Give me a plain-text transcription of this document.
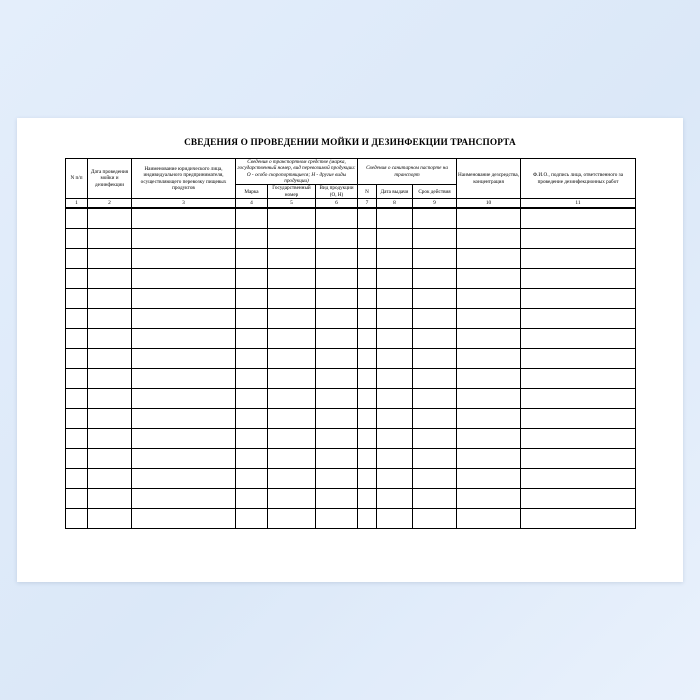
СВЕДЕНИЯ О ПРОВЕДЕНИИ МОЙКИ И ДЕЗИНФЕКЦИИ ТРАНСПОРТА
N п/п	Дата проведения мойки и дезинфекции	Наименование юридического лица, индивидуального предпринимателя, осуществляющего перевозку пищевых продуктов	Сведения о транспортном средстве (марка, государственный номер, вид перевозимой продукции: О - особо скоропортящиеся; Н - другие виды продукции)			Сведения о санитарном паспорте на транспорт			Наименование дезсредства, концентрация	Ф.И.О., подпись лица, ответственного за проведение дезинфекционных работ
			Марка	Государственный номер	Вид продукции (О, Н)	N	Дата выдачи	Срок действия		
1	2	3	4	5	6	7	8	9	10	11
